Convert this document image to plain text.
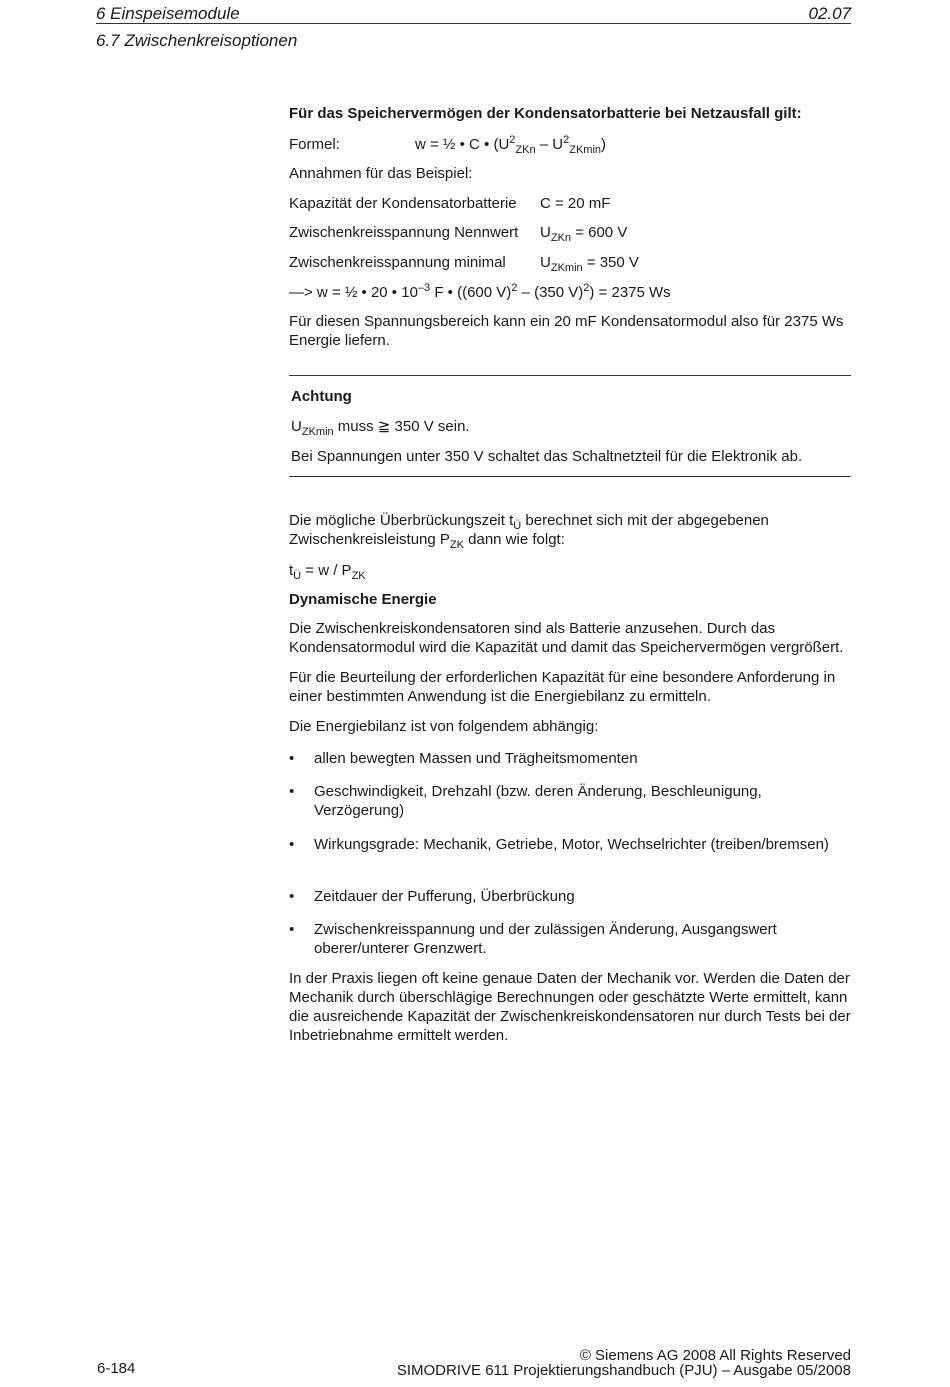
6 Einspeisemodule	02.07
6.7 Zwischenkreisoptionen

Für das Speichervermögen der Kondensatorbatterie bei Netzausfall gilt:

Formel:	w = ½ • C • $(U^2_{ZKn} - U^2_{ZKmin})$

Annahmen für das Beispiel:

Kapazität der Kondensatorbatterie C = 20 mF

Zwischenkreisspannung Nennwert $U_{ZKn} = 600$ V

Zwischenkreisspannung minimal $U_{ZKmin} = 350$ V

—> w = ½ • 20 • $10^{-3}$ F • ((600 V)$^2$ – (350 V)$^2$) = 2375 Ws

Für diesen Spannungsbereich kann ein 20 mF Kondensatormodul also für 2375 Ws Energie liefern.

Achtung

$U_{ZKmin}$ muss ≧ 350 V sein.

Bei Spannungen unter 350 V schaltet das Schaltnetzteil für die Elektronik ab.

Die mögliche Überbrückungszeit $t_Ü$ berechnet sich mit der abgegebenen Zwischenkreisleistung $P_{ZK}$ dann wie folgt:

$t_Ü = w / P_{ZK}$

Dynamische Energie

Die Zwischenkreiskondensatoren sind als Batterie anzusehen. Durch das Kondensatormodul wird die Kapazität und damit das Speichervermögen vergrößert.

Für die Beurteilung der erforderlichen Kapazität für eine besondere Anforderung in einer bestimmten Anwendung ist die Energiebilanz zu ermitteln.

Die Energiebilanz ist von folgendem abhängig:

•	allen bewegten Massen und Trägheitsmomenten

•	Geschwindigkeit, Drehzahl (bzw. deren Änderung, Beschleunigung, Verzögerung)

•	Wirkungsgrade: Mechanik, Getriebe, Motor, Wechselrichter (treiben/bremsen)

•	Zeitdauer der Pufferung, Überbrückung

•	Zwischenkreisspannung und der zulässigen Änderung, Ausgangswert oberer/unterer Grenzwert.

In der Praxis liegen oft keine genaue Daten der Mechanik vor. Werden die Daten der Mechanik durch überschlägige Berechnungen oder geschätzte Werte ermittelt, kann die ausreichende Kapazität der Zwischenkreiskondensatoren nur durch Tests bei der Inbetriebnahme ermittelt werden.

6-184
© Siemens AG 2008 All Rights Reserved
SIMODRIVE 611 Projektierungshandbuch (PJU) – Ausgabe 05/2008
